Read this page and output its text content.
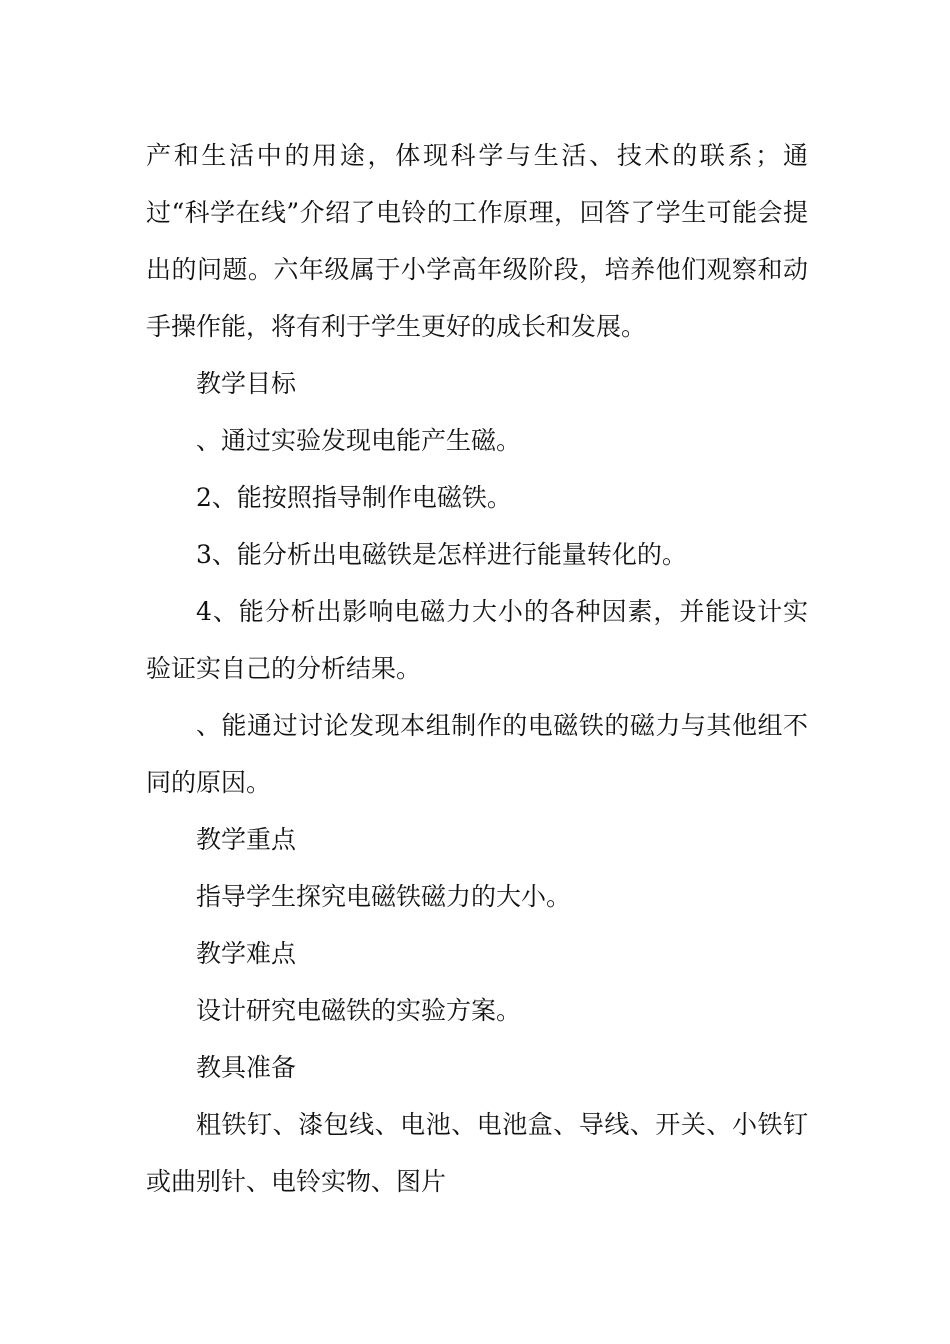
产和生活中的用途，体现科学与生活、技术的联系；通过“科学在线”介绍了电铃的工作原理，回答了学生可能会提出的问题。六年级属于小学高年级阶段，培养他们观察和动手操作能，将有利于学生更好的成长和发展。

教学目标

、通过实验发现电能产生磁。

2、能按照指导制作电磁铁。

3、能分析出电磁铁是怎样进行能量转化的。

4、能分析出影响电磁力大小的各种因素，并能设计实验证实自己的分析结果。

、能通过讨论发现本组制作的电磁铁的磁力与其他组不同的原因。

教学重点

指导学生探究电磁铁磁力的大小。

教学难点

设计研究电磁铁的实验方案。

教具准备

粗铁钉、漆包线、电池、电池盒、导线、开关、小铁钉或曲别针、电铃实物、图片
